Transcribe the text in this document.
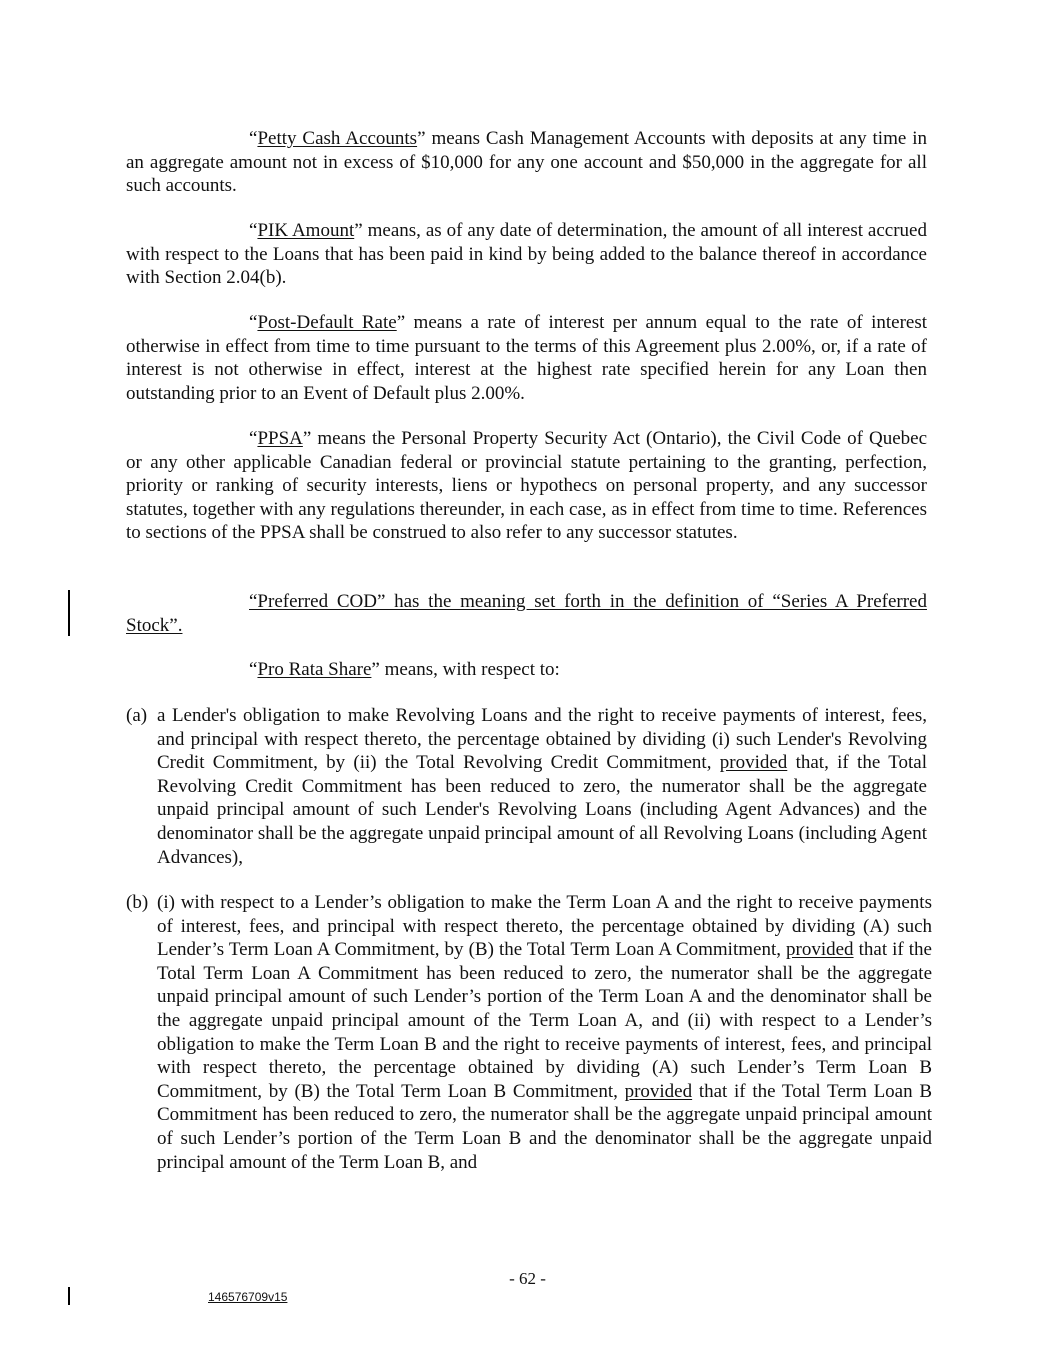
“Petty Cash Accounts” means Cash Management Accounts with deposits at any time in an aggregate amount not in excess of $10,000 for any one account and $50,000 in the aggregate for all such accounts.

“PIK Amount” means, as of any date of determination, the amount of all interest accrued with respect to the Loans that has been paid in kind by being added to the balance thereof in accordance with Section 2.04(b).

“Post-Default Rate” means a rate of interest per annum equal to the rate of interest otherwise in effect from time to time pursuant to the terms of this Agreement plus 2.00%, or, if a rate of interest is not otherwise in effect, interest at the highest rate specified herein for any Loan then outstanding prior to an Event of Default plus 2.00%.

“PPSA” means the Personal Property Security Act (Ontario), the Civil Code of Quebec or any other applicable Canadian federal or provincial statute pertaining to the granting, perfection, priority or ranking of security interests, liens or hypothecs on personal property, and any successor statutes, together with any regulations thereunder, in each case, as in effect from time to time. References to sections of the PPSA shall be construed to also refer to any successor statutes.

“Preferred COD” has the meaning set forth in the definition of “Series A Preferred Stock”.

“Pro Rata Share” means, with respect to:

(a) a Lender's obligation to make Revolving Loans and the right to receive payments of interest, fees, and principal with respect thereto, the percentage obtained by dividing (i) such Lender's Revolving Credit Commitment, by (ii) the Total Revolving Credit Commitment, provided that, if the Total Revolving Credit Commitment has been reduced to zero, the numerator shall be the aggregate unpaid principal amount of such Lender's Revolving Loans (including Agent Advances) and the denominator shall be the aggregate unpaid principal amount of all Revolving Loans (including Agent Advances),
(b) (i) with respect to a Lender’s obligation to make the Term Loan A and the right to receive payments of interest, fees, and principal with respect thereto, the percentage obtained by dividing (A) such Lender’s Term Loan A Commitment, by (B) the Total Term Loan A Commitment, provided that if the Total Term Loan A Commitment has been reduced to zero, the numerator shall be the aggregate unpaid principal amount of such Lender’s portion of the Term Loan A and the denominator shall be the aggregate unpaid principal amount of the Term Loan A, and (ii) with respect to a Lender’s obligation to make the Term Loan B and the right to receive payments of interest, fees, and principal with respect thereto, the percentage obtained by dividing (A) such Lender’s Term Loan B Commitment, by (B) the Total Term Loan B Commitment, provided that if the Total Term Loan B Commitment has been reduced to zero, the numerator shall be the aggregate unpaid principal amount of such Lender’s portion of the Term Loan B and the denominator shall be the aggregate unpaid principal amount of the Term Loan B, and
- 62 -
146576709v15
